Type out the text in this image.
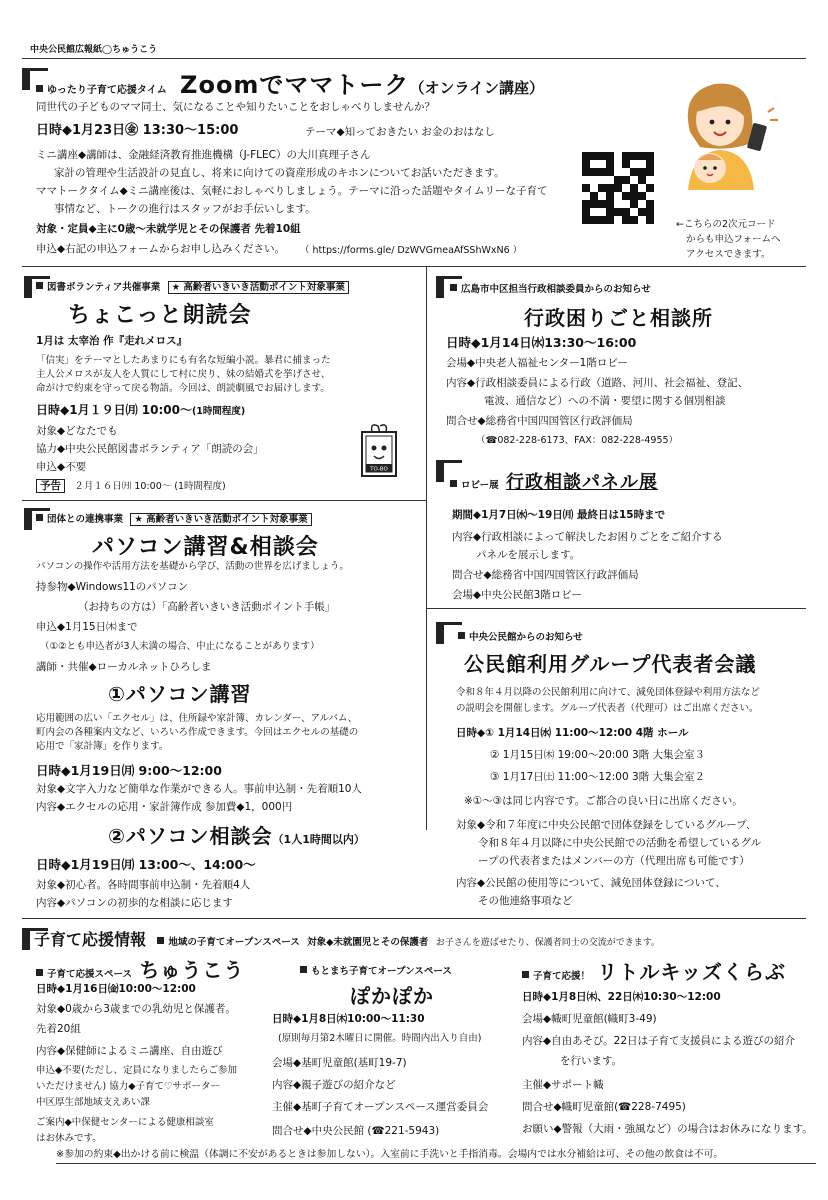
中央公民館広報紙◯ちゅうこう
ゆったり子育て応援タイム Zoomでママトーク（オンライン講座）
同世代の子どものママ同士、気になることや知りたいことをおしゃべりしませんか？
日時◆1月23日㊎ 13:30～15:00	テーマ◆知っておきたい お金のおはなし
ミニ講座◆講師は、金融経済教育推進機構（J-FLEC）の大川真理子さん
家計の管理や生活設計の見直し、将来に向けての資産形成のキホンについてお話いただきます。
ママトークタイム◆ミニ講座後は、気軽におしゃべりしましょう。テーマに沿った話題やタイムリーな子育て
事情など、トークの進行はスタッフがお手伝いします。
対象・定員◆主に0歳～未就学児とその保護者 先着10組
申込◆右記の申込フォームからお申し込みください。 （ https://forms.gle/ DzWVGmeaAfSShWxN6 ）
←こちらの2次元コード
からも申込フォームへ
アクセスできます。
図書ボランティア共催事業 ★ 高齢者いきいき活動ポイント対象事業
ちょこっと朗読会
1月は 太宰治 作『走れメロス』
「信実」をテーマとしたあまりにも有名な短編小説。暴君に捕まった
主人公メロスが友人を人質にして村に戻り、妹の結婚式を挙げさせ、
命がけで約束を守って戻る物語。今回は、朗読劇風でお届けします。
日時◆1月１９日㈪ 10:00～(1時間程度)
対象◆どなたでも
協力◆中央公民館図書ボランティア「朗読の会」
申込◆不要
予告 ２月１６日㈪ 10:00～ (1時間程度)
TO-BO
団体との連携事業 ★ 高齢者いきいき活動ポイント対象事業
パソコン講習&相談会
パソコンの操作や活用方法を基礎から学び、活動の世界を広げましょう。
持参物◆Windows11のパソコン
（お持ちの方は）「高齢者いきいき活動ポイント手帳」
申込◆1月15日㈭まで
（①②とも申込者が3人未満の場合、中止になることがあります）
講師・共催◆ローカルネットひろしま
①パソコン講習
応用範囲の広い「エクセル」は、住所録や家計簿、カレンダー、アルバム、
町内会の各種案内文など、いろいろ作成できます。今回はエクセルの基礎の
応用で「家計簿」を作ります。
日時◆1月19日㈪ 9:00～12:00
対象◆文字入力など簡単な作業ができる人。事前申込制・先着順10人
内容◆エクセルの応用・家計簿作成 参加費◆1，000円
②パソコン相談会（1人1時間以内）
日時◆1月19日㈪ 13:00～、14:00～
対象◆初心者。各時間事前申込制・先着順4人
内容◆パソコンの初歩的な相談に応じます
広島市中区担当行政相談委員からのお知らせ
行政困りごと相談所
日時◆1月14日㈬13:30～16:00
会場◆中央老人福祉センター1階ロビー
内容◆行政相談委員による行政（道路、河川、社会福祉、登記、
電波、通信など）への不満・要望に関する個別相談
問合せ◆総務省中国四国管区行政評価局
（☎082-228-6173、FAX：082-228-4955）
ロビー展 行政相談パネル展
期間◆1月7日㈬～19日㈪ 最終日は15時まで
内容◆行政相談によって解決したお困りごとをご紹介する
パネルを展示します。
問合せ◆総務省中国四国管区行政評価局
会場◆中央公民館3階ロビー
中央公民館からのお知らせ
公民館利用グループ代表者会議
令和８年４月以降の公民館利用に向けて、減免団体登録や利用方法など
の説明会を開催します。グループ代表者（代理可）はご出席ください。
日時◆① 1月14日㈬ 11:00～12:00 4階 ホール
② 1月15日㈭ 19:00～20:00 3階 大集会室３
③ 1月17日㈯ 11:00～12:00 3階 大集会室２
※①～③は同じ内容です。ご都合の良い日に出席ください。
対象◆令和７年度に中央公民館で団体登録をしているグループ、
令和８年４月以降に中央公民館での活動を希望しているグル
ープの代表者またはメンバーの方（代理出席も可能です）
内容◆公民館の使用等について、減免団体登録について、
その他連絡事項など
子育て応援情報 地域の子育てオープンスペース 対象◆未就園児とその保護者 お子さんを遊ばせたり、保護者同士の交流ができます。
子育て応援スペース ちゅうこう
日時◆1月16日㈮10:00～12:00
対象◆0歳から3歳までの乳幼児と保護者。
先着20組
内容◆保健師によるミニ講座、自由遊び
申込◆不要(ただし、定員になりましたらご参加
いただけません) 協力◆子育て♡サポーター
中区厚生部地域支えあい課
ご案内◆中保健センターによる健康相談室
はお休みです。
もとまち子育てオープンスペース
ぽかぽか
日時◆1月8日㈭10:00～11:30
(原則毎月第2木曜日に開催。時間内出入り自由)
会場◆基町児童館(基町19-7)
内容◆親子遊びの紹介など
主催◆基町子育てオープンスペース運営委員会
問合せ◆中央公民館 (☎221-5943)
子育て応援！ リトルキッズくらぶ
日時◆1月8日㈭、22日㈭10:30～12:00
会場◆幟町児童館(幟町3-49)
内容◆自由あそび。22日は子育て支援員による遊びの紹介
を行います。
主催◆サポート幟
問合せ◆幟町児童館(☎228-7495)
お願い◆警報（大雨・強風など）の場合はお休みになります。
※参加の約束◆出かける前に検温（体調に不安があるときは参加しない）。入室前に手洗いと手指消毒。会場内では水分補給は可、その他の飲食は不可。
